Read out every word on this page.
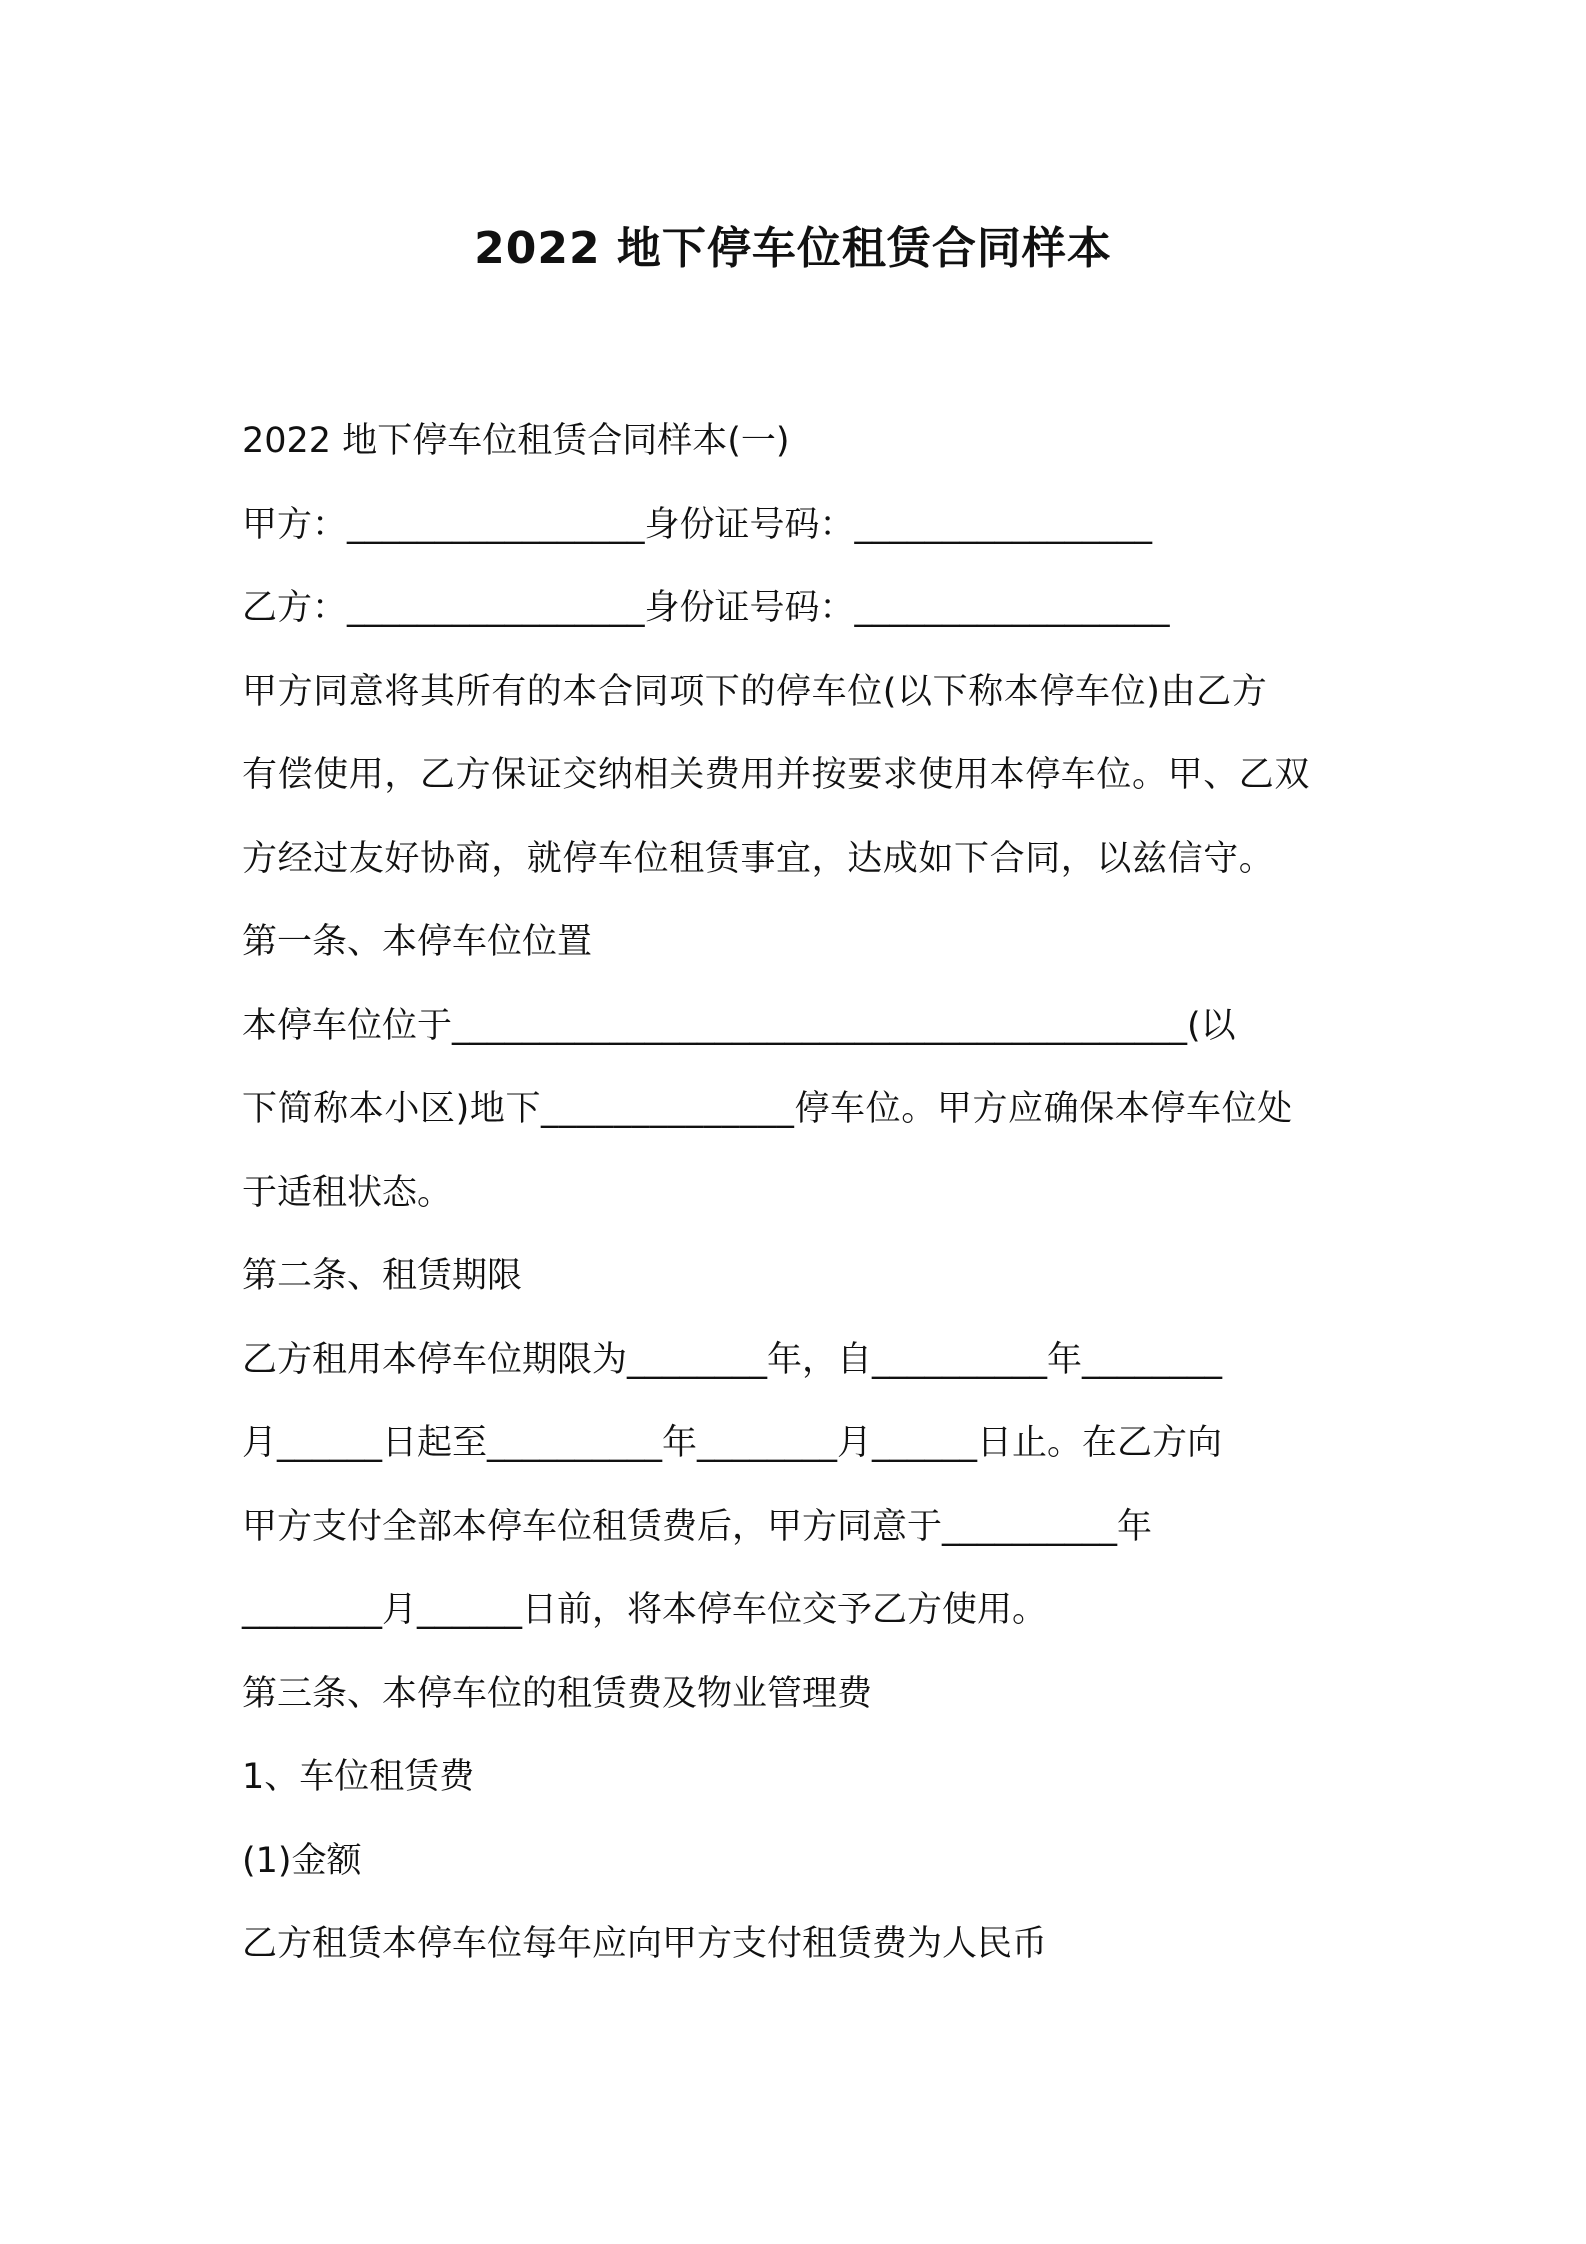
2022 地下停车位租赁合同样本

2022 地下停车位租赁合同样本(一)

甲方：_________________身份证号码：_________________

乙方：_________________身份证号码：__________________

甲方同意将其所有的本合同项下的停车位(以下称本停车位)由乙方

有偿使用，乙方保证交纳相关费用并按要求使用本停车位。甲、乙双

方经过友好协商，就停车位租赁事宜，达成如下合同，以兹信守。

第一条、本停车位位置

本停车位位于__________________________________________(以

下简称本小区)地下______________停车位。甲方应确保本停车位处

于适租状态。

第二条、租赁期限

乙方租用本停车位期限为________年，自__________年________

月______日起至__________年________月______日止。在乙方向

甲方支付全部本停车位租赁费后，甲方同意于__________年

________月______日前，将本停车位交予乙方使用。

第三条、本停车位的租赁费及物业管理费

1、车位租赁费

(1)金额

乙方租赁本停车位每年应向甲方支付租赁费为人民币
